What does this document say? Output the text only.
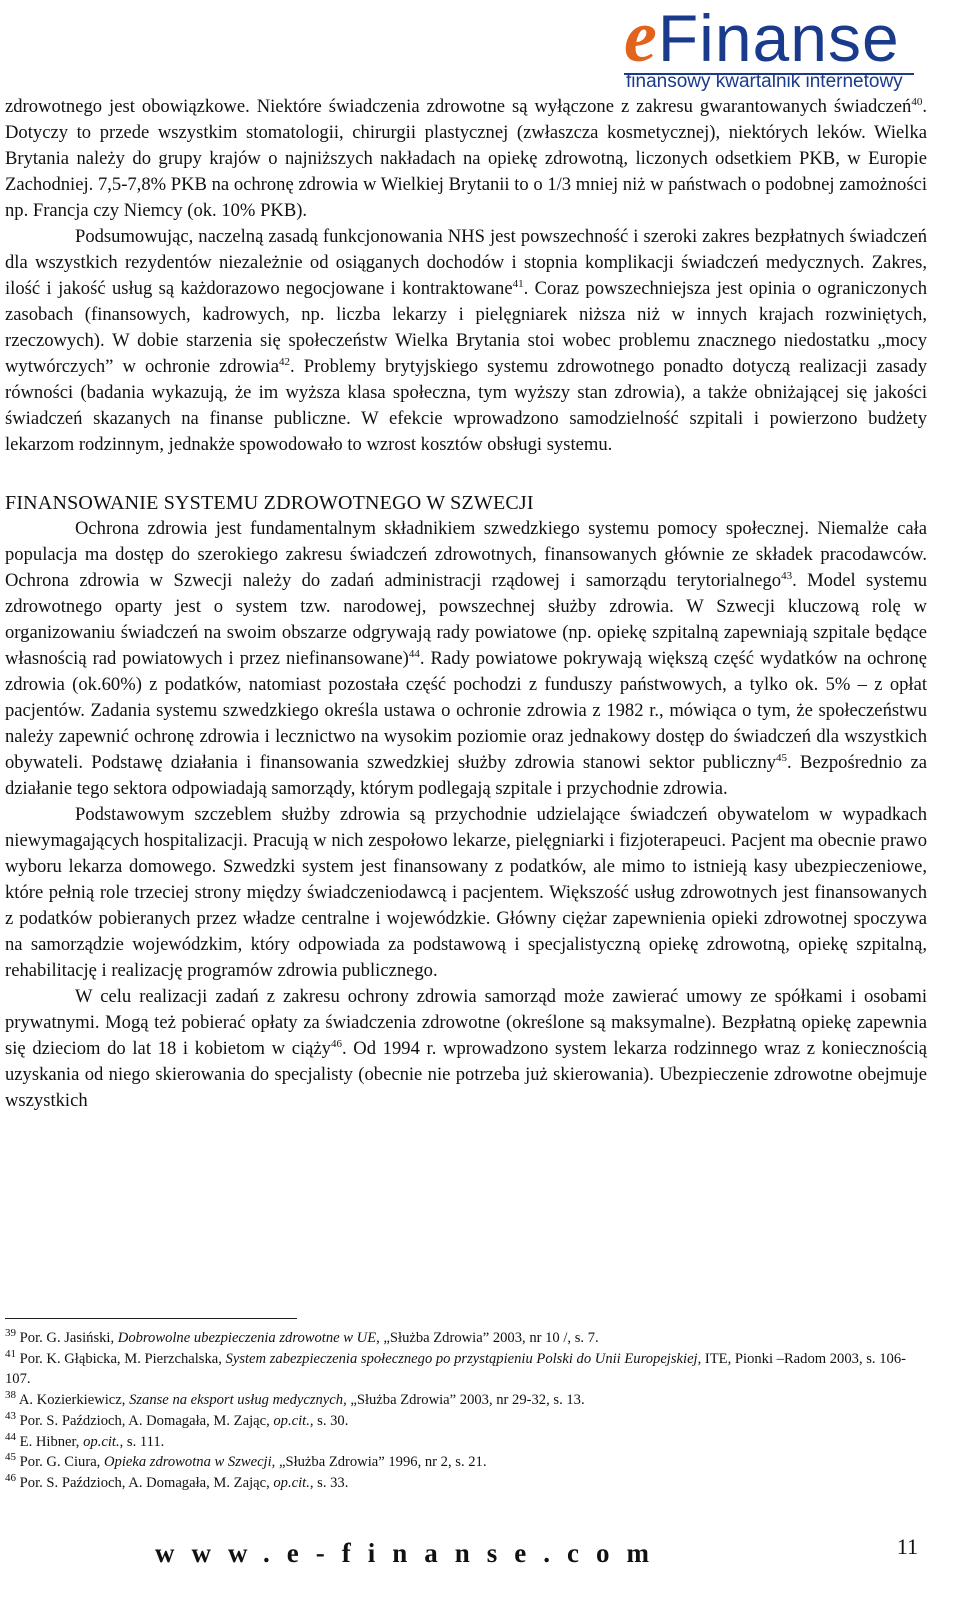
eFinanse
finansowy kwartalnik internetowy

zdrowotnego jest obowiązkowe. Niektóre świadczenia zdrowotne są wyłączone z zakresu gwarantowanych świadczeń$^{40}$. Dotyczy to przede wszystkim stomatologii, chirurgii plastycznej (zwłaszcza kosmetycznej), niektórych leków. Wielka Brytania należy do grupy krajów o najniższych nakładach na opiekę zdrowotną, liczonych odsetkiem PKB, w Europie Zachodniej. 7,5-7,8% PKB na ochronę zdrowia w Wielkiej Brytanii to o 1/3 mniej niż w państwach o podobnej zamożności np. Francja czy Niemcy (ok. 10% PKB).

Podsumowując, naczelną zasadą funkcjonowania NHS jest powszechność i szeroki zakres bezpłatnych świadczeń dla wszystkich rezydentów niezależnie od osiąganych dochodów i stopnia komplikacji świadczeń medycznych. Zakres, ilość i jakość usług są każdorazowo negocjowane i kontraktowane$^{41}$. Coraz powszechniejsza jest opinia o ograniczonych zasobach (finansowych, kadrowych, np. liczba lekarzy i pielęgniarek niższa niż w innych krajach rozwiniętych, rzeczowych). W dobie starzenia się społeczeństw Wielka Brytania stoi wobec problemu znacznego niedostatku „mocy wytwórczych” w ochronie zdrowia$^{42}$. Problemy brytyjskiego systemu zdrowotnego ponadto dotyczą realizacji zasady równości (badania wykazują, że im wyższa klasa społeczna, tym wyższy stan zdrowia), a także obniżającej się jakości świadczeń skazanych na finanse publiczne. W efekcie wprowadzono samodzielność szpitali i powierzono budżety lekarzom rodzinnym, jednakże spowodowało to wzrost kosztów obsługi systemu.

FINANSOWANIE SYSTEMU ZDROWOTNEGO W SZWECJI

Ochrona zdrowia jest fundamentalnym składnikiem szwedzkiego systemu pomocy społecznej. Niemalże cała populacja ma dostęp do szerokiego zakresu świadczeń zdrowotnych, finansowanych głównie ze składek pracodawców. Ochrona zdrowia w Szwecji należy do zadań administracji rządowej i samorządu terytorialnego$^{43}$. Model systemu zdrowotnego oparty jest o system tzw. narodowej, powszechnej służby zdrowia. W Szwecji kluczową rolę w organizowaniu świadczeń na swoim obszarze odgrywają rady powiatowe (np. opiekę szpitalną zapewniają szpitale będące własnością rad powiatowych i przez niefinansowane)$^{44}$. Rady powiatowe pokrywają większą część wydatków na ochronę zdrowia (ok.60%) z podatków, natomiast pozostała część pochodzi z funduszy państwowych, a tylko ok. 5% – z opłat pacjentów. Zadania systemu szwedzkiego określa ustawa o ochronie zdrowia z 1982 r., mówiąca o tym, że społeczeństwu należy zapewnić ochronę zdrowia i lecznictwo na wysokim poziomie oraz jednakowy dostęp do świadczeń dla wszystkich obywateli. Podstawę działania i finansowania szwedzkiej służby zdrowia stanowi sektor publiczny$^{45}$. Bezpośrednio za działanie tego sektora odpowiadają samorządy, którym podlegają szpitale i przychodnie zdrowia.

Podstawowym szczeblem służby zdrowia są przychodnie udzielające świadczeń obywatelom w wypadkach niewymagających hospitalizacji. Pracują w nich zespołowo lekarze, pielęgniarki i fizjoterapeuci. Pacjent ma obecnie prawo wyboru lekarza domowego. Szwedzki system jest finansowany z podatków, ale mimo to istnieją kasy ubezpieczeniowe, które pełnią role trzeciej strony między świadczeniodawcą i pacjentem. Większość usług zdrowotnych jest finansowanych z podatków pobieranych przez władze centralne i wojewódzkie. Główny ciężar zapewnienia opieki zdrowotnej spoczywa na samorządzie wojewódzkim, który odpowiada za podstawową i specjalistyczną opiekę zdrowotną, opiekę szpitalną, rehabilitację i realizację programów zdrowia publicznego.

W celu realizacji zadań z zakresu ochrony zdrowia samorząd może zawierać umowy ze spółkami i osobami prywatnymi. Mogą też pobierać opłaty za świadczenia zdrowotne (określone są maksymalne). Bezpłatną opiekę zapewnia się dzieciom do lat 18 i kobietom w ciąży$^{46}$. Od 1994 r. wprowadzono system lekarza rodzinnego wraz z koniecznością uzyskania od niego skierowania do specjalisty (obecnie nie potrzeba już skierowania). Ubezpieczenie zdrowotne obejmuje wszystkich

$^{39}$ Por. G. Jasiński, Dobrowolne ubezpieczenia zdrowotne w UE, „Służba Zdrowia” 2003, nr 10 /, s. 7.
$^{41}$ Por. K. Głąbicka, M. Pierzchalska, System zabezpieczenia społecznego po przystąpieniu Polski do Unii Europejskiej, ITE, Pionki –Radom 2003, s. 106-107.
$^{38}$ A. Kozierkiewicz, Szanse na eksport usług medycznych, „Służba Zdrowia” 2003, nr 29-32, s. 13.
$^{43}$ Por. S. Paździoch, A. Domagała, M. Zając, op.cit., s. 30.
$^{44}$ E. Hibner, op.cit., s. 111.
$^{45}$ Por. G. Ciura, Opieka zdrowotna w Szwecji, „Służba Zdrowia” 1996, nr 2, s. 21.
$^{46}$ Por. S. Paździoch, A. Domagała, M. Zając, op.cit., s. 33.
www.e-finanse.com	11
